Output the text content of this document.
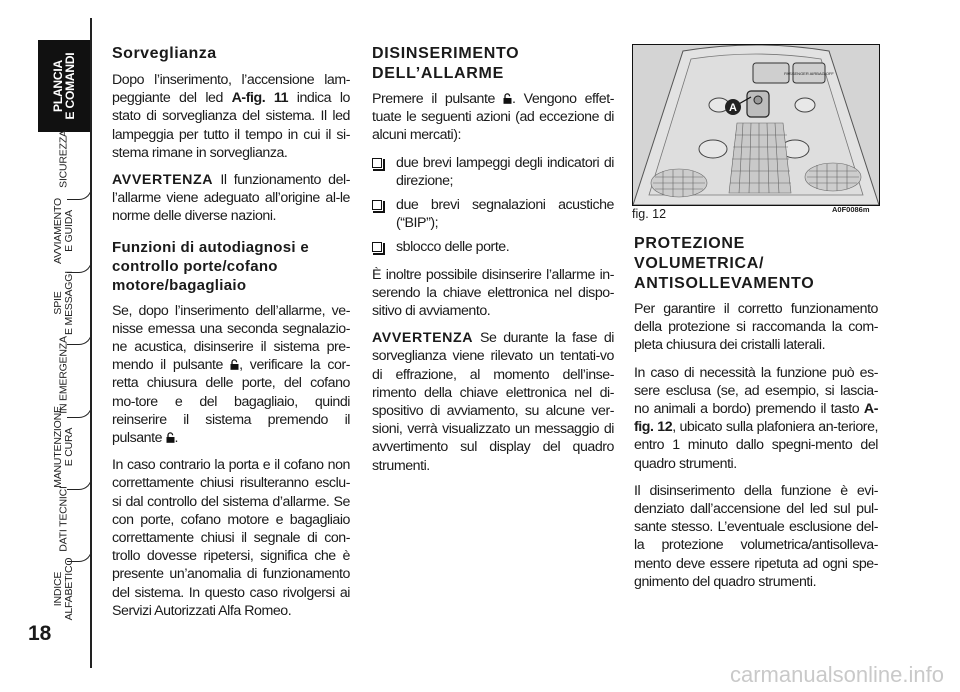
PLANCIA
E COMANDI
SICUREZZA
AVVIAMENTO
E GUIDA
SPIE
E MESSAGGI
IN EMERGENZA
MANUTENZIONE
E CURA
DATI TECNICI
INDICE
ALFABETICO
18
Sorveglianza

Dopo l’inserimento, l’accensione lam-peggiante del led A-fig. 11 indica lo stato di sorveglianza del sistema. Il led lampeggia per tutto il tempo in cui il si-stema rimane in sorveglianza.

AVVERTENZA Il funzionamento del-l’allarme viene adeguato all’origine al-le norme delle diverse nazioni.

Funzioni di autodiagnosi e controllo porte/cofano motore/bagagliaio

Se, dopo l’inserimento dell’allarme, ve-nisse emessa una seconda segnalazio-ne acustica, disinserire il sistema pre-mendo il pulsante , verificare la cor-retta chiusura delle porte, del cofano mo-tore e del bagagliaio, quindi reinserire il sistema premendo il pulsante .

In caso contrario la porta e il cofano non correttamente chiusi risulteranno esclu-si dal controllo del sistema d’allarme. Se con porte, cofano motore e bagagliaio correttamente chiusi il segnale di con-trollo dovesse ripetersi, significa che è presente un’anomalia di funzionamento del sistema. In questo caso rivolgersi ai Servizi Autorizzati Alfa Romeo.

DISINSERIMENTO
DELL’ALLARME

Premere il pulsante . Vengono effet-tuate le seguenti azioni (ad eccezione di alcuni mercati):

due brevi lampeggi degli indicatori di direzione;
due brevi segnalazioni acustiche (“BIP”);
sblocco delle porte.

È inoltre possibile disinserire l’allarme in-serendo la chiave elettronica nel dispo-sitivo di avviamento.

AVVERTENZA Se durante la fase di sorveglianza viene rilevato un tentati-vo di effrazione, al momento dell’inse-rimento della chiave elettronica nel di-spositivo di avviamento, su alcune ver-sioni, verrà visualizzato un messaggio di avvertimento sul display del quadro strumenti.

PASSENGER AIRBAG OFF
A
fig. 12	A0F0086m
PROTEZIONE
VOLUMETRICA/
ANTISOLLEVAMENTO

Per garantire il corretto funzionamento della protezione si raccomanda la com-pleta chiusura dei cristalli laterali.

In caso di necessità la funzione può es-sere esclusa (se, ad esempio, si lascia-no animali a bordo) premendo il tasto A-fig. 12, ubicato sulla plafoniera an-teriore, entro 1 minuto dallo spegni-mento del quadro strumenti.

Il disinserimento della funzione è evi-denziato dall’accensione del led sul pul-sante stesso. L’eventuale esclusione del-la protezione volumetrica/antisolleva-mento deve essere ripetuta ad ogni spe-gnimento del quadro strumenti.

carmanualsonline.info
